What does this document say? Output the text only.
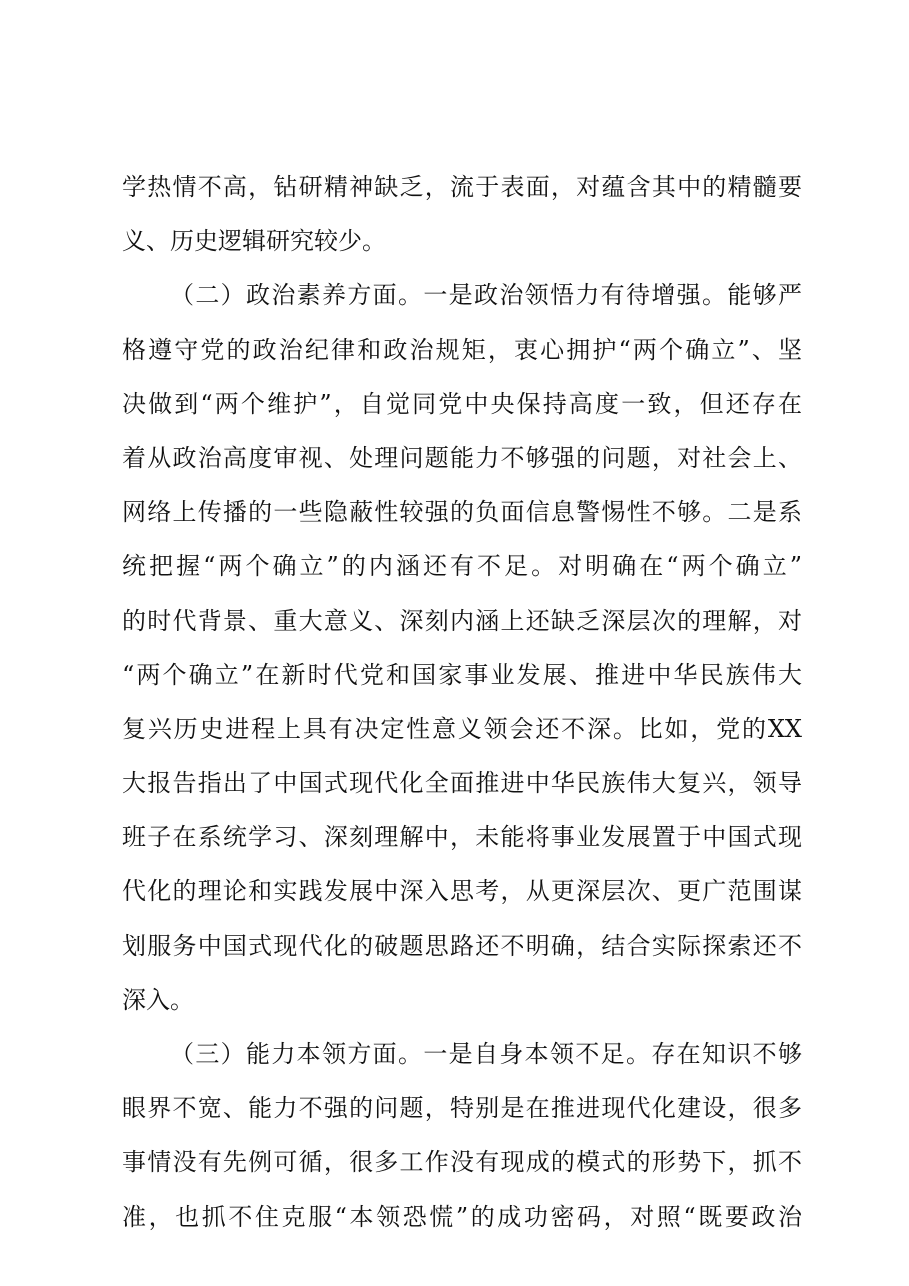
学热情不高，钻研精神缺乏，流于表面，对蕴含其中的精髓要
义、历史逻辑研究较少。
（二）政治素养方面。一是政治领悟力有待增强。能够严
格遵守党的政治纪律和政治规矩，衷心拥护“两个确立”、坚
决做到“两个维护”，自觉同党中央保持高度一致，但还存在
着从政治高度审视、处理问题能力不够强的问题，对社会上、
网络上传播的一些隐蔽性较强的负面信息警惕性不够。二是系
统把握“两个确立”的内涵还有不足。对明确在“两个确立”
的时代背景、重大意义、深刻内涵上还缺乏深层次的理解，对
“两个确立”在新时代党和国家事业发展、推进中华民族伟大
复兴历史进程上具有决定性意义领会还不深。比如，党的XX
大报告指出了中国式现代化全面推进中华民族伟大复兴，领导
班子在系统学习、深刻理解中，未能将事业发展置于中国式现
代化的理论和实践发展中深入思考，从更深层次、更广范围谋
划服务中国式现代化的破题思路还不明确，结合实际探索还不
深入。
（三）能力本领方面。一是自身本领不足。存在知识不够
眼界不宽、能力不强的问题，特别是在推进现代化建设，很多
事情没有先例可循，很多工作没有现成的模式的形势下，抓不
准，也抓不住克服“本领恐慌”的成功密码，对照“既要政治
